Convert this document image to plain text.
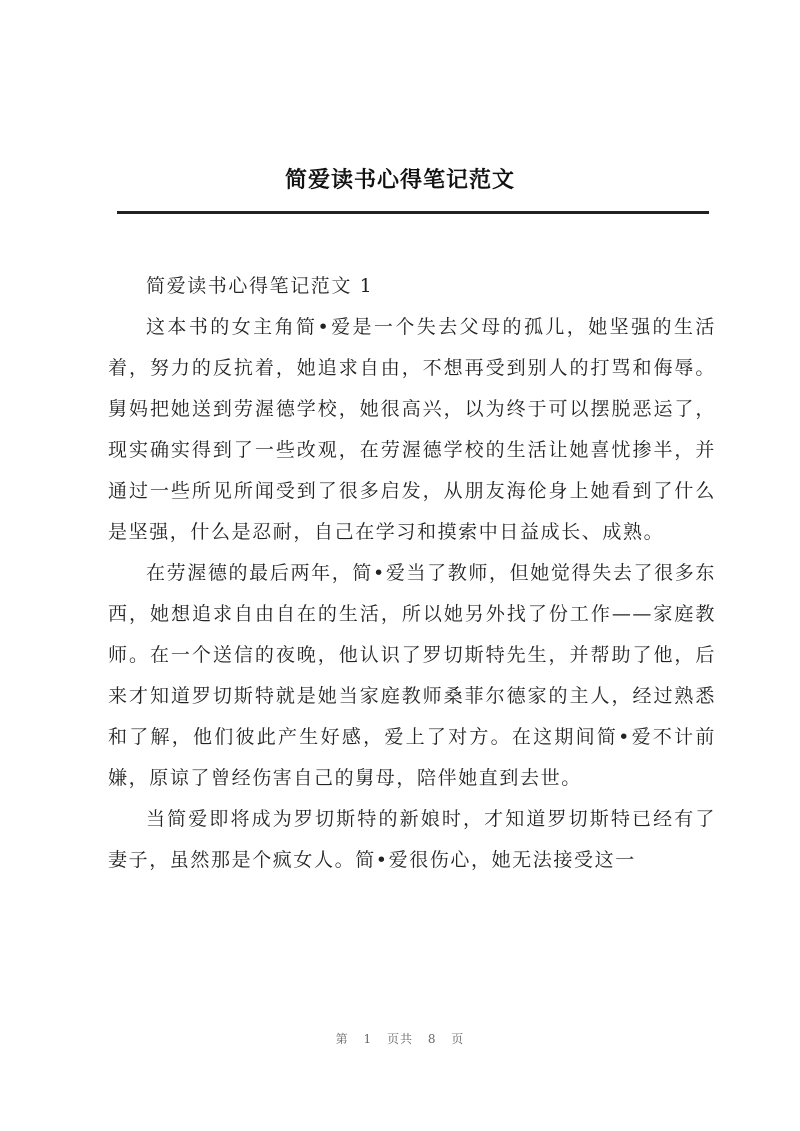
简爱读书心得笔记范文
简爱读书心得笔记范文 1

这本书的女主角简•爱是一个失去父母的孤儿，她坚强的生活着，努力的反抗着，她追求自由，不想再受到别人的打骂和侮辱。舅妈把她送到劳渥德学校，她很高兴，以为终于可以摆脱恶运了，现实确实得到了一些改观，在劳渥德学校的生活让她喜忧掺半，并通过一些所见所闻受到了很多启发，从朋友海伦身上她看到了什么是坚强，什么是忍耐，自己在学习和摸索中日益成长、成熟。

在劳渥德的最后两年，简•爱当了教师，但她觉得失去了很多东西，她想追求自由自在的生活，所以她另外找了份工作——家庭教师。在一个送信的夜晚，他认识了罗切斯特先生，并帮助了他，后来才知道罗切斯特就是她当家庭教师桑菲尔德家的主人，经过熟悉和了解，他们彼此产生好感，爱上了对方。在这期间简•爱不计前嫌，原谅了曾经伤害自己的舅母，陪伴她直到去世。

当简爱即将成为罗切斯特的新娘时，才知道罗切斯特已经有了妻子，虽然那是个疯女人。简•爱很伤心，她无法接受这一

第 1 页共 8 页
